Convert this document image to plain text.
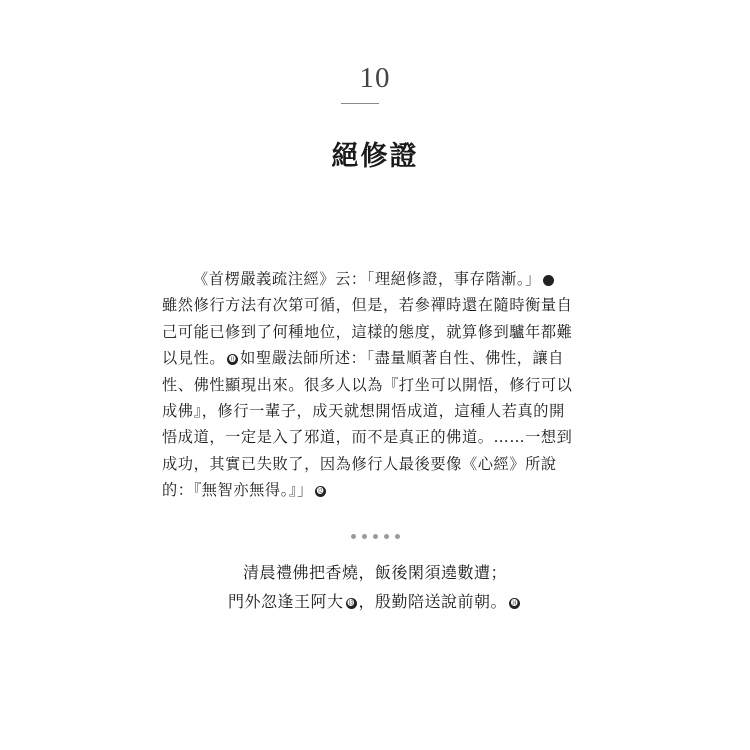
10
絕修證
《首楞嚴義疏注經》云：「理絕修證，事存階漸。」	⓪
雖然修行方法有次第可循，但是，若參禪時還在隨時衡量自
己可能已修到了何種地位，這樣的態度，就算修到驢年都難
以見性。 ⓫ 如聖嚴法師所述：「盡量順著自性、佛性，讓自
性、佛性顯現出來。很多人以為『打坐可以開悟，修行可以
成佛』，修行一輩子，成天就想開悟成道，這種人若真的開
悟成道，一定是入了邪道，而不是真正的佛道。……一想到
成功，其實已失敗了，因為修行人最後要像《心經》所說
的：『無智亦無得。』」 ⓬
清晨禮佛把香燒，飯後閑須遶數遭；
門外忽逢王阿大 ⓭ ，殷勤陪送說前朝。 ⓮
